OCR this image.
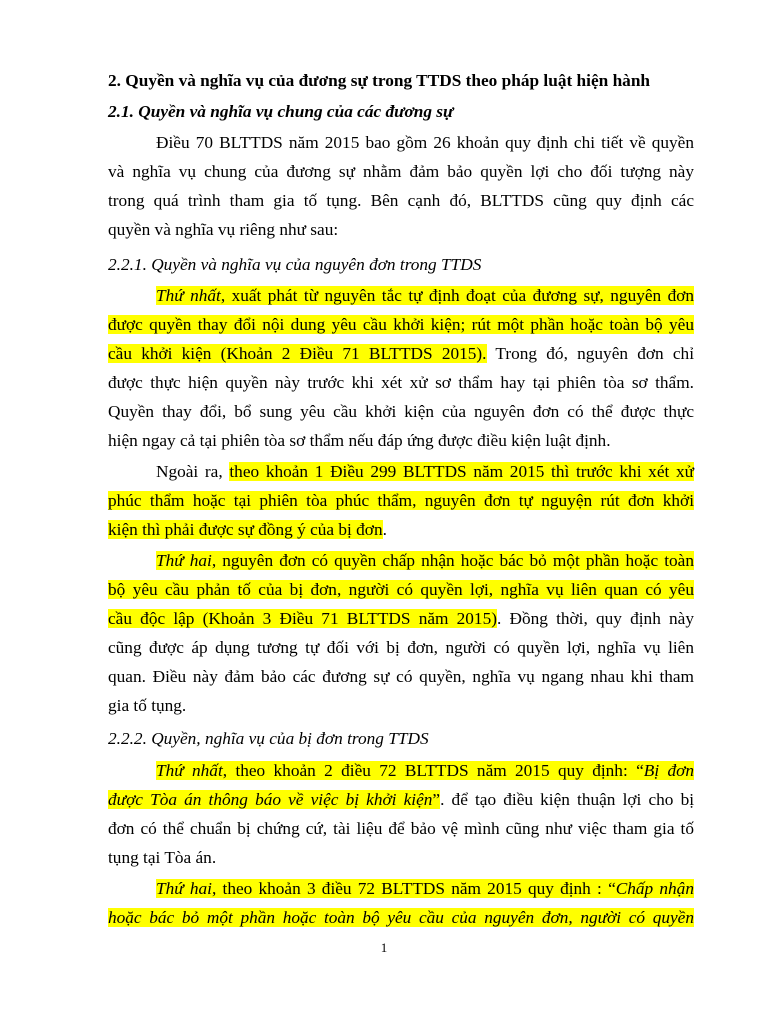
2. Quyền và nghĩa vụ của đương sự trong TTDS theo pháp luật hiện hành
2.1. Quyền và nghĩa vụ chung của các đương sự
Điều 70 BLTTDS năm 2015 bao gồm 26 khoản quy định chi tiết về quyền
và nghĩa vụ chung của đương sự nhằm đảm bảo quyền lợi cho đối tượng này
trong quá trình tham gia tố tụng. Bên cạnh đó, BLTTDS cũng quy định các
quyền và nghĩa vụ riêng như sau:
2.2.1. Quyền và nghĩa vụ của nguyên đơn trong TTDS
Thứ nhất, xuất phát từ nguyên tắc tự định đoạt của đương sự, nguyên đơn
được quyền thay đổi nội dung yêu cầu khởi kiện; rút một phần hoặc toàn bộ yêu
cầu khởi kiện (Khoản 2 Điều 71 BLTTDS 2015). Trong đó, nguyên đơn chỉ
được thực hiện quyền này trước khi xét xử sơ thẩm hay tại phiên tòa sơ thẩm.
Quyền thay đổi, bổ sung yêu cầu khởi kiện của nguyên đơn có thể được thực
hiện ngay cả tại phiên tòa sơ thẩm nếu đáp ứng được điều kiện luật định.
Ngoài ra, theo khoản 1 Điều 299 BLTTDS năm 2015 thì trước khi xét xử
phúc thẩm hoặc tại phiên tòa phúc thẩm, nguyên đơn tự nguyện rút đơn khởi
kiện thì phải được sự đồng ý của bị đơn.
Thứ hai, nguyên đơn có quyền chấp nhận hoặc bác bỏ một phần hoặc toàn
bộ yêu cầu phản tố của bị đơn, người có quyền lợi, nghĩa vụ liên quan có yêu
cầu độc lập (Khoản 3 Điều 71 BLTTDS năm 2015). Đồng thời, quy định này
cũng được áp dụng tương tự đối với bị đơn, người có quyền lợi, nghĩa vụ liên
quan. Điều này đảm bảo các đương sự có quyền, nghĩa vụ ngang nhau khi tham
gia tố tụng.
2.2.2. Quyền, nghĩa vụ của bị đơn trong TTDS
Thứ nhất, theo khoản 2 điều 72 BLTTDS năm 2015 quy định: “Bị đơn
được Tòa án thông báo về việc bị khởi kiện”. để tạo điều kiện thuận lợi cho bị
đơn có thể chuẩn bị chứng cứ, tài liệu để bảo vệ mình cũng như việc tham gia tố
tụng tại Tòa án.
Thứ hai, theo khoản 3 điều 72 BLTTDS năm 2015 quy định : “Chấp nhận
hoặc bác bỏ một phần hoặc toàn bộ yêu cầu của nguyên đơn, người có quyền
1
